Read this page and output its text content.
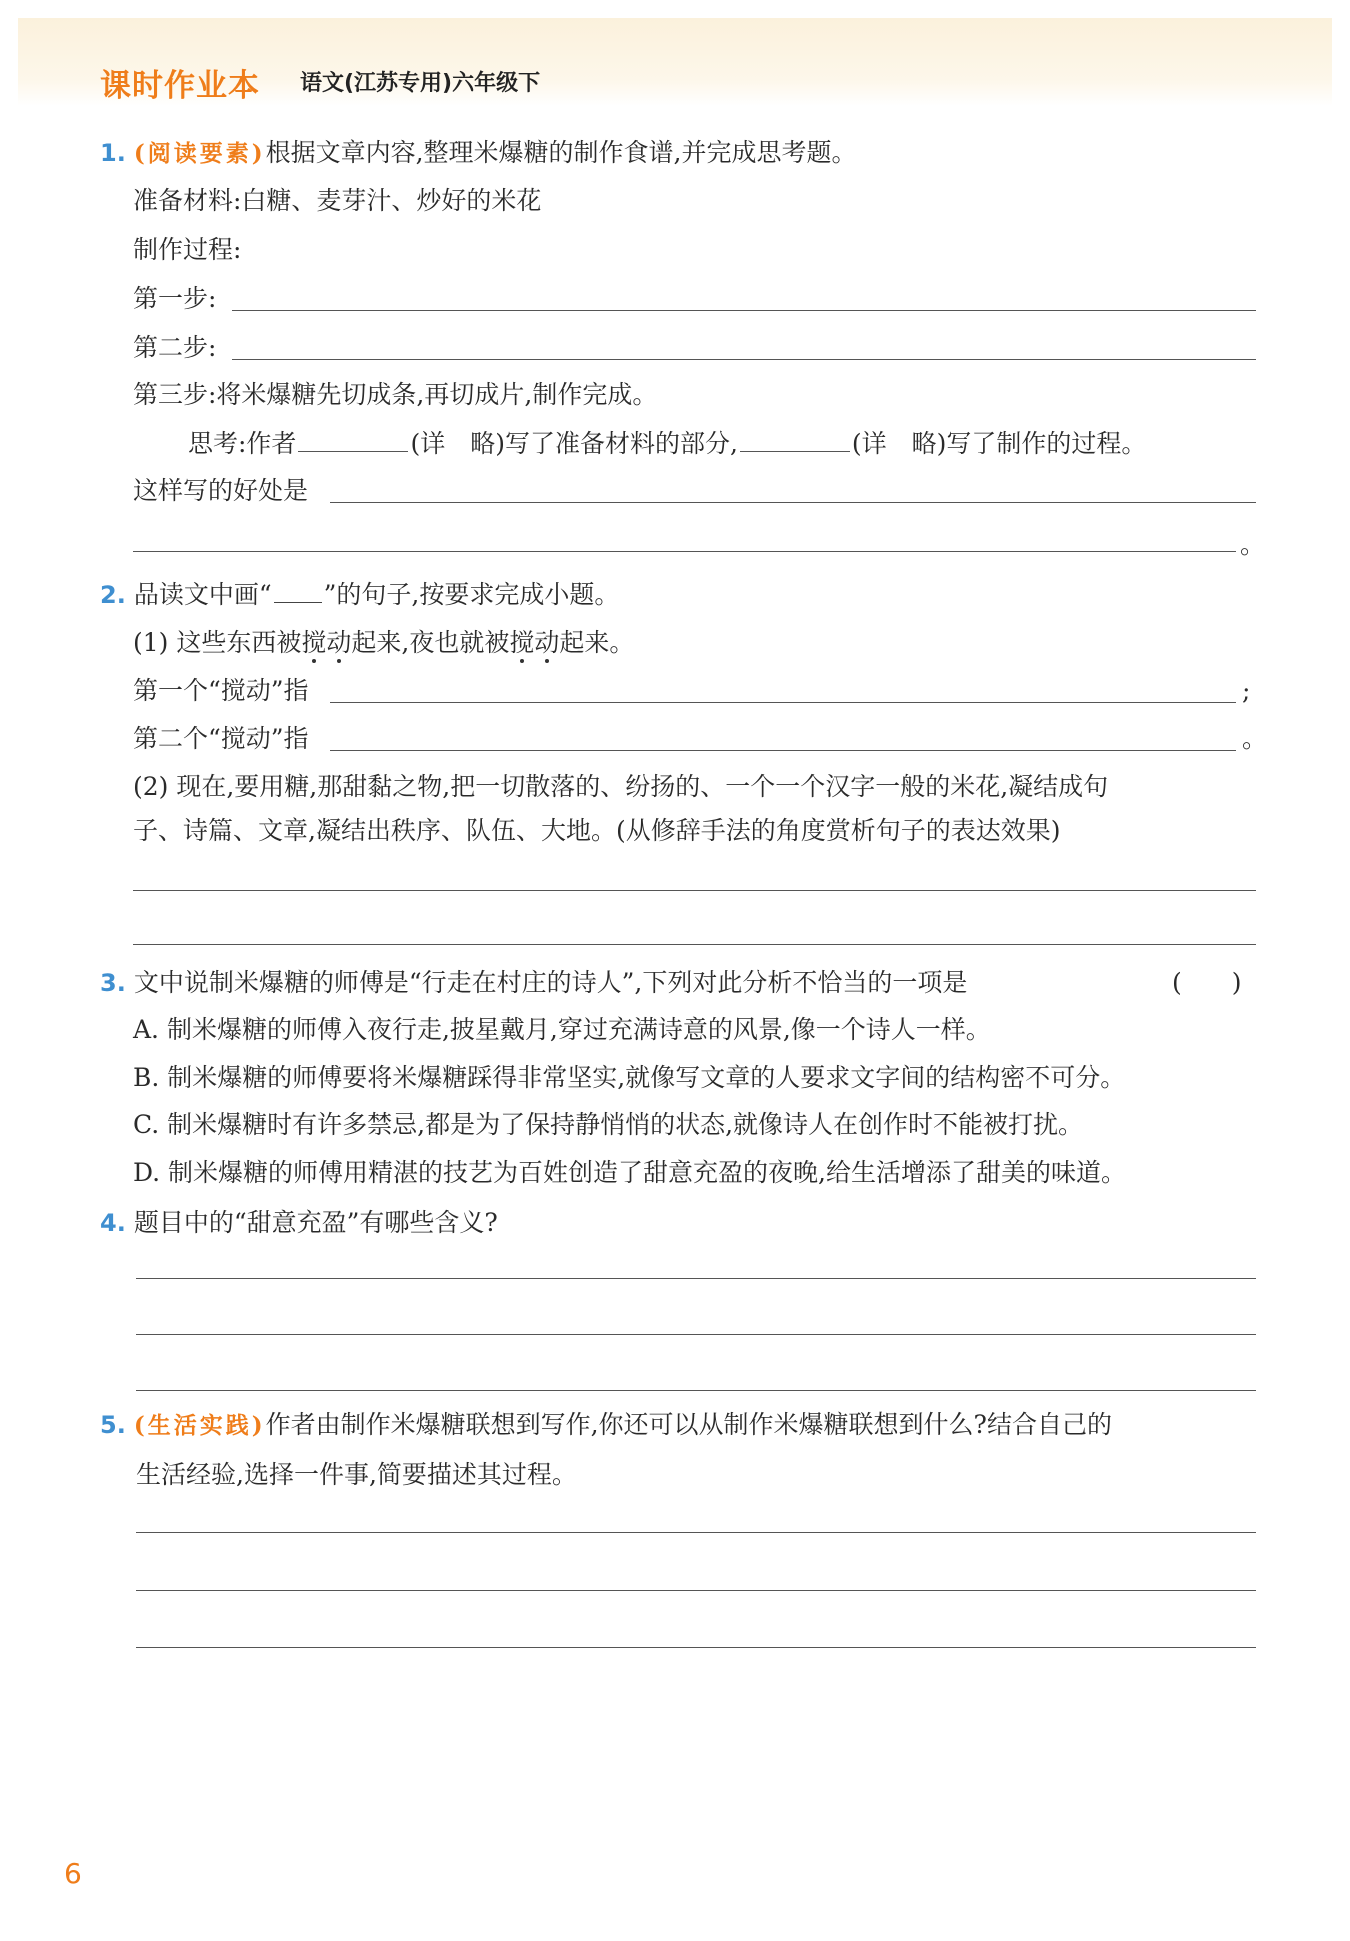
课时作业本 语文(江苏专用)六年级下
1. (阅读要素)根据文章内容,整理米爆糖的制作食谱,并完成思考题。
准备材料:白糖、麦芽汁、炒好的米花
制作过程:
第一步:
第二步:
第三步:将米爆糖先切成条,再切成片,制作完成。
思考:作者	(详　略)写了准备材料的部分,	(详　略)写了制作的过程。
这样写的好处是
。
2. 品读文中画“ ”的句子,按要求完成小题。
(1) 这些东西被搅动起来,夜也就被搅动起来。
第一个“搅动”指	;
第二个“搅动”指	。
(2) 现在,要用糖,那甜黏之物,把一切散落的、纷扬的、一个一个汉字一般的米花,凝结成句
子、诗篇、文章,凝结出秩序、队伍、大地。(从修辞手法的角度赏析句子的表达效果)
3. 文中说制米爆糖的师傅是“行走在村庄的诗人”,下列对此分析不恰当的一项是	(　　)
A. 制米爆糖的师傅入夜行走,披星戴月,穿过充满诗意的风景,像一个诗人一样。
B. 制米爆糖的师傅要将米爆糖踩得非常坚实,就像写文章的人要求文字间的结构密不可分。
C. 制米爆糖时有许多禁忌,都是为了保持静悄悄的状态,就像诗人在创作时不能被打扰。
D. 制米爆糖的师傅用精湛的技艺为百姓创造了甜意充盈的夜晚,给生活增添了甜美的味道。
4. 题目中的“甜意充盈”有哪些含义?
5. (生活实践)作者由制作米爆糖联想到写作,你还可以从制作米爆糖联想到什么?结合自己的
生活经验,选择一件事,简要描述其过程。
6
